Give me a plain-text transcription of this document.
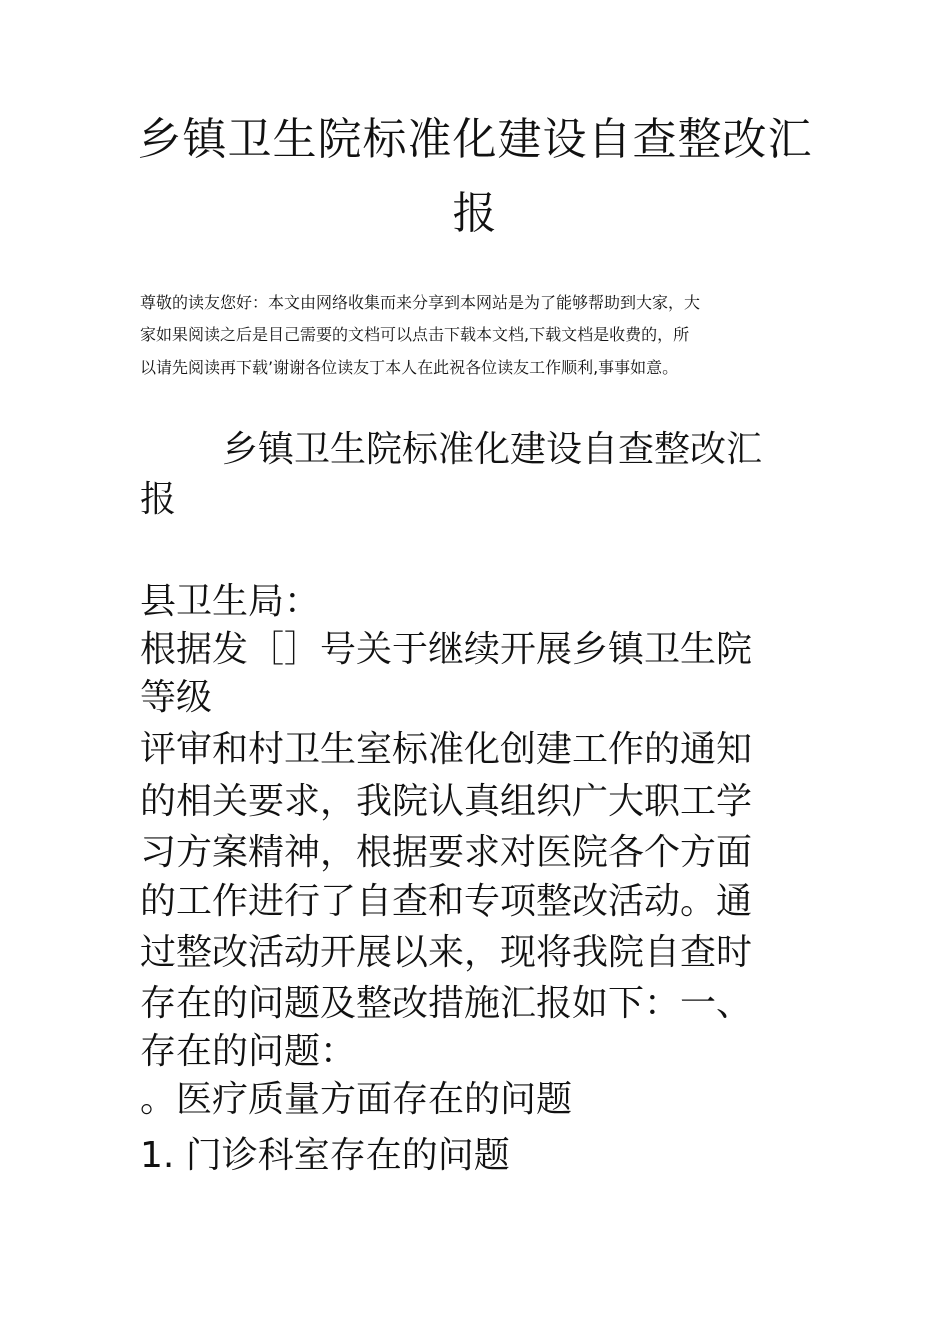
乡镇卫生院标准化建设自查整改汇
报
尊敬的读友您好：本文由网络收集而来分享到本网站是为了能够帮助到大家，大
家如果阅读之后是目己需要的文档可以点击下载本文档,下载文档是收费的，所
以请先阅读再下载’谢谢各位读友丁本人在此祝各位读友工作顺利,事事如意。
乡镇卫生院标准化建设自查整改汇
报
县卫生局：
根据发［］号关于继续开展乡镇卫生院
等级
评审和村卫生室标准化创建工作的通知
的相关要求，我院认真组织广大职工学
习方案精神，根据要求对医院各个方面
的工作进行了自查和专项整改活动。通
过整改活动开展以来，现将我院自查时
存在的问题及整改措施汇报如下：一、
存在的问题：
。医疗质量方面存在的问题
1. 门诊科室存在的问题
